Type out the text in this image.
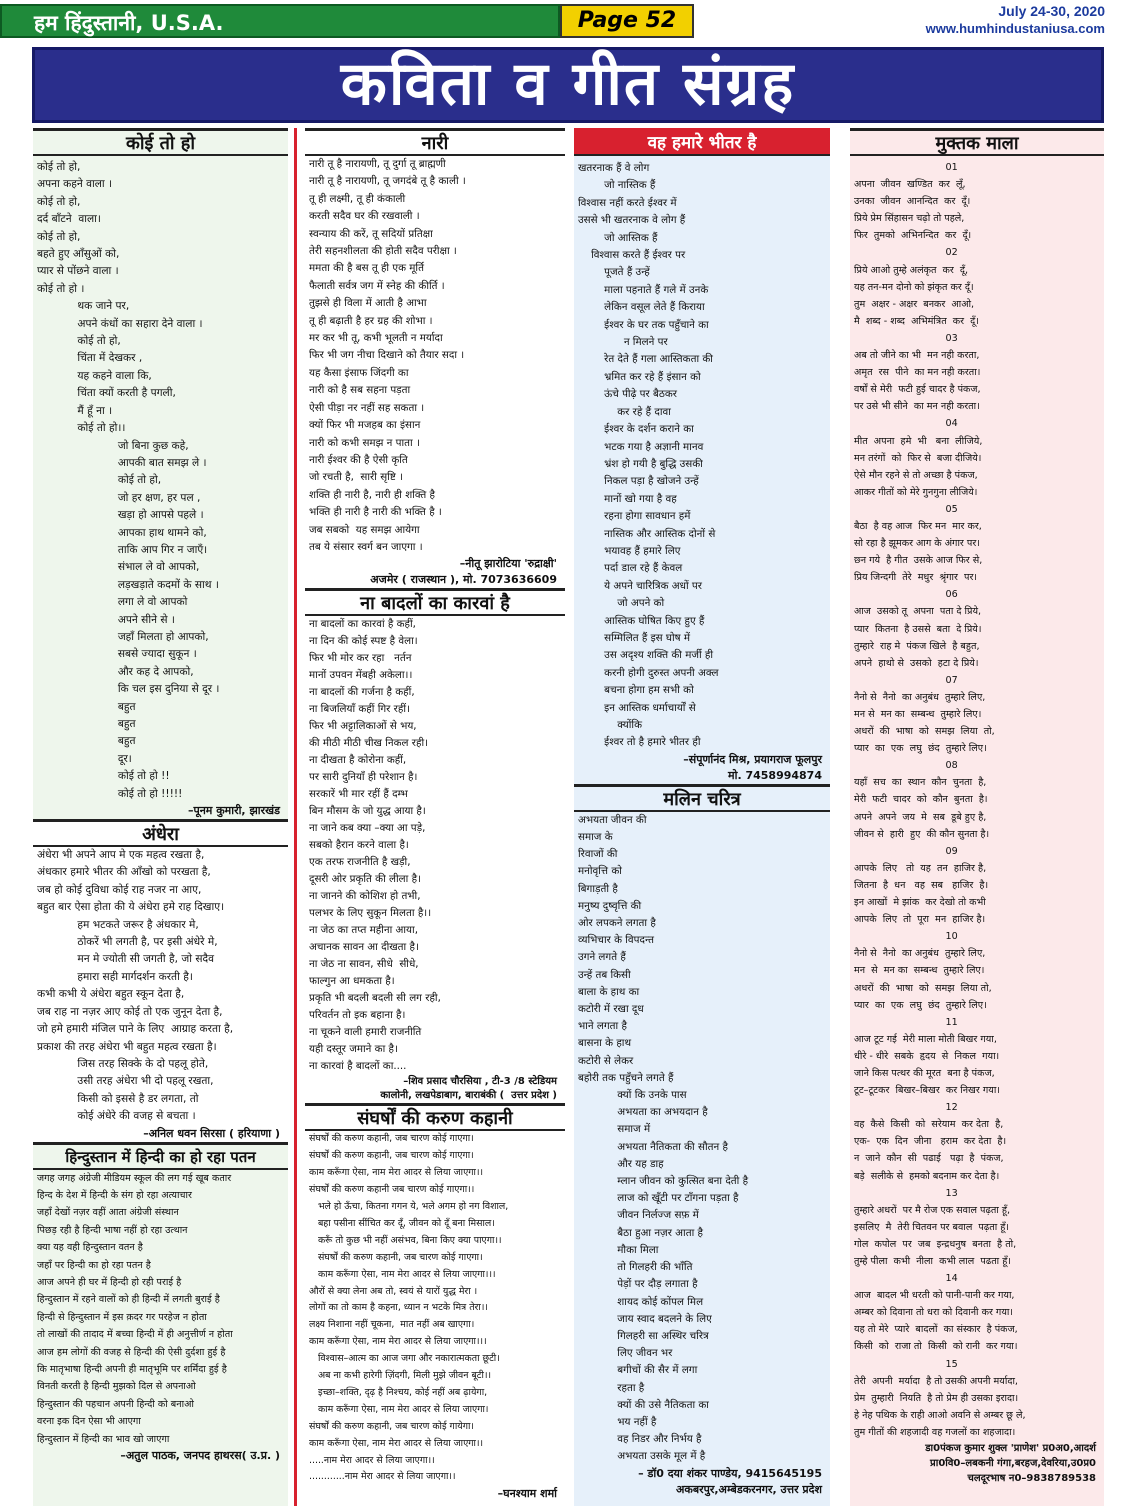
हम हिंदुस्तानी, U.S.A.	Page 52	July 24-30, 2020
www.humhindustaniusa.com
कविता व गीत संग्रह
कोई तो हो
कोई तो हो,
अपना कहने वाला ।
कोई तो हो,
दर्द बाँटने  वाला।
कोई तो हो,
बहते हुए आँसुओं को,
प्यार से पोंछने वाला ।
कोई तो हो ।
थक जाने पर,
अपने कंधों का सहारा देने वाला ।
कोई तो हो,
चिंता में देखकर ,
यह कहने वाला कि,
चिंता क्यों करती है पगली,
मैं हूँ ना ।
कोई तो हो।।
जो बिना कुछ कहे,
आपकी बात समझ ले ।
कोई तो हो,
जो हर क्षण, हर पल ,
खड़ा हो आपसे पहले ।
आपका हाथ थामने को,
ताकि आप गिर न जाएँ।
संभाल ले वो आपको,
लड़खड़ाते कदमों के साथ ।
लगा ले वो आपको
अपने सीने से ।
जहाँ मिलता हो आपको,
सबसे ज्यादा सुकून ।
और कह दे आपको,
कि चल इस दुनिया से दूर ।
बहुत
बहुत
बहुत
दूर।
कोई तो हो !!
कोई तो हो !!!!!
–पूनम कुमारी, झारखंड
अंधेरा
अंधेरा भी अपने आप मे एक महत्व रखता है,
अंधकार हमारे भीतर की आँखो को परखता है,
जब हो कोई दुविधा कोई राह नजर ना आए,
बहुत बार ऐसा होता की ये अंधेरा हमे राह दिखाए।
हम भटकते जरूर है अंधकार मे,
ठोकरें भी लगती है, पर इसी अंधेरे मे,
मन मे ज्योती सी जगती है, जो सदैव
हमारा सही मार्गदर्शन करती है।
कभी कभी ये अंधेरा बहुत स्कून देता है,
जब राह ना नज़र आए कोई तो एक जुनून देता है,
जो हमे हमारी मंजिल पाने के लिए  आग्राह करता है,
प्रकाश की तरह अंधेरा भी बहुत महत्व रखता है।
जिस तरह सिक्के के दो पहलू होते,
उसी तरह अंधेरा भी दो पहलू रखता,
किसी को इससे है डर लगता, तो
कोई अंधेरे की वजह से बचता ।
–अनिल धवन सिरसा ( हरियाणा )
हिन्दुस्तान में हिन्दी का हो रहा पतन
जगह जगह अंग्रेजी मीडियम स्कूल की लग गई खूब कतार
हिन्द के देश में हिन्दी के संग हो रहा अत्याचार
जहाँ देखों नज़र वहीं आता अंग्रेजी संस्थान
पिछड़ रही है हिन्दी भाषा नहीं हो रहा उत्थान
क्या यह वही हिन्दुस्तान वतन है
जहाँ पर हिन्दी का हो रहा पतन है
आज अपने ही घर में हिन्दी हो रही पराई है
हिन्दुस्तान में रहने वालों को ही हिन्दी में लगती बुराई है
हिन्दी से हिन्दुस्तान में इस क़दर गर परहेज न होता
तो लाखों की तादाद में बच्चा हिन्दी में ही अनुत्तीर्ण न होता
आज हम लोगों की वजह से हिन्दी की ऐसी दुर्दशा हुई है
कि मातृभाषा हिन्दी अपनी ही मातृभूमि पर शर्मिंदा हुई है
विनती करती है हिन्दी मुझको दिल से अपनाओ
हिन्दुस्तान की पहचान अपनी हिन्दी को बनाओ
वरना इक दिन ऐसा भी आएगा
हिन्दुस्तान में हिन्दी का भाव खो जाएगा
–अतुल पाठक, जनपद हाथरस( उ.प्र. )
नारी
नारी तू है नारायणी, तू दुर्गा तू ब्राह्मणी
नारी तू है नारायणी, तू जगदंबे तू है काली ।
तू ही लक्ष्मी, तू ही कंकाली
करती सदैव घर की रखवाली ।
स्वन्याय की करें, तू सदियों प्रतिक्षा
तेरी सहनशीलता की होती सदैव परीक्षा ।
ममता की है बस तू ही एक मूर्ति
फैलाती सर्वत्र जग में स्नेह की कीर्ति ।
तुझसे ही विला में आती है आभा
तू ही बढ़ाती है हर ग्रह की शोभा ।
मर कर भी तू, कभी भूलती न मर्यादा
फिर भी जग नीचा दिखाने को तैयार सदा ।
यह कैसा इंसाफ जिंदगी का
नारी को है सब सहना पड़ता
ऐसी पीड़ा नर नहीं सह सकता ।
क्यों फिर भी मजहब का इंसान
नारी को कभी समझ न पाता ।
नारी ईश्वर की है ऐसी कृति
जो रचती है,  सारी सृष्टि ।
शक्ति ही नारी है, नारी ही शक्ति है
भक्ति ही नारी है नारी की भक्ति है ।
जब सबको  यह समझ आयेगा
तब ये संसार स्वर्ग बन जाएगा ।
–नीतू झारोटिया 'रुद्राक्षी'
अजमेर ( राजस्थान ), मो. 7073636609
ना बादलों का कारवां है
ना बादलों का कारवां है कहीं,
ना दिन की कोई स्पष्ट है वेला।
फिर भी मोर कर रहा   नर्तन
मानों उपवन मेंबही अकेला।।
ना बादलों की गर्जना है कहीं,
ना बिजलियाँ कहीं गिर रहीं।
फिर भी अट्टालिकाओं से भय,
की मीठी मीठी चीख निकल रही।
ना दीखता है कोरोना कहीं,
पर सारी दुनियाँ ही परेशान है।
सरकारें भी मार रहीं हैं दम्भ
बिन मौसम के जो युद्ध आया है।
ना जाने कब क्या –क्या आ पड़े,
सबको हैरान करने वाला है।
एक तरफ राजनीति है खड़ी,
दूसरी ओर प्रकृति की लीला है।
ना जानने की कोशिश हो तभी,
पलभर के लिए सुकून मिलता है।।
ना जेठ का तप्त महीना आया,
अचानक सावन आ दीखता है।
ना जेठ ना सावन, सीधे  सीधे,
फाल्गुन आ धमकता है।
प्रकृति भी बदली बदली सी लग रही,
परिवर्तन तो इक बहाना है।
ना चूकने वाली हमारी राजनीति
यही दस्तूर जमाने का है।
ना कारवां है बादलों का....
–शिव प्रसाद चौरसिया , टी-3 /8 स्टेडियम
कालोनी, लखपेडाबाग, बाराबंकी (  उत्तर प्रदेश )
संघर्षों की करुण कहानी
संघर्षों की करुण कहानी, जब चारण कोई गाएगा।
संघर्षों की करुण कहानी, जब चारण कोई गाएगा।
काम करूँगा ऐसा, नाम मेरा आदर से लिया जाएगा।।
संघर्षों की करुण कहानी जब चारण कोई गाएगा।।
भले हो ऊँचा, कितना गगन ये, भले अगम हो नग विशाल,
बहा पसीना सींचित कर दूँ, जीवन को दूँ बना मिसाल।
करूँ तो कुछ भी नहीं असंभव, बिना किए क्या पाएगा।।
संघर्षों की करुण कहानी, जब चारण कोई गाएगा।
काम करूँगा ऐसा, नाम मेरा आदर से लिया जाएगा।।।
औरों से क्या लेना अब तो, स्वयं से यारों युद्ध मेरा ।
लोगों का तो काम है कहना, ध्यान न भटके मित्र तेरा।।
लक्ष्य निशाना नहीं चूकना,  मात नहीं अब खाएगा।
काम करूँगा ऐसा, नाम मेरा आदर से लिया जाएगा।।।
विश्वास–आत्म का आज जगा और नकारात्मकता छूटी।
अब ना कभी हारेगी ज़िंदगी, मिली मुझे जीवन बूटी।।
इच्छा–शक्ति, दृढ़ है निश्चय, कोई नहीं अब ढ़ायेगा,
काम करूँगा ऐसा, नाम मेरा आदर से लिया जाएगा।
संघर्षों की करुण कहानी, जब चारण कोई गायेगा।
काम करूँगा ऐसा, नाम मेरा आदर से लिया जाएगा।।
.....नाम मेरा आदर से लिया जाएगा।।
............नाम मेरा आदर से लिया जाएगा।।
–घनश्याम शर्मा
वह हमारे भीतर है
खतरनाक हैं वे लोग
जो नास्तिक हैं
विश्वास नहीं करते ईश्वर में
उससे भी खतरनाक वे लोग हैं
जो आस्तिक हैं
विश्वास करते हैं ईश्वर पर
पूजते हैं उन्हें
माला पहनाते हैं गले में उनके
लेकिन वसूल लेते हैं किराया
ईश्वर के घर तक पहुँचाने का
न मिलने पर
रेत देते हैं गला आस्तिकता की
भ्रमित कर रहे हैं इंसान को
ऊंचे पीढ़े पर बैठकर
कर रहे हैं दावा
ईश्वर के दर्शन कराने का
भटक गया है अज्ञानी मानव
भ्रंश हो गयी है बुद्धि उसकी
निकल पड़ा है खोजने उन्हें
मानों खो गया है वह
रहना होगा सावधान हमें
नास्तिक और आस्तिक दोनों से
भयावह हैं हमारे लिए
पर्दा डाल रहे हैं केवल
ये अपने चारित्रिक अधों पर
जो अपने को
आस्तिक घोषित किए हुए हैं
सम्मिलित हैं इस घोष में
उस अदृश्य शक्ति की मर्जी ही
करनी होगी दुरुस्त अपनी अक्ल
बचना होगा हम सभी को
इन आस्तिक धर्माचार्यों से
क्योंकि
ईश्वर तो है हमारे भीतर ही
–संपूर्णानंद मिश्र, प्रयागराज फूलपुर
मो. 7458994874
मलिन चरित्र
अभयता जीवन की
समाज के
रिवाजों की
मनोवृत्ति को
बिगाड़ती है
मनुष्य दुष्वृत्ति की
ओर लपकने लगता है
व्यभिचार के विपदन्त
उगने लगते हैं
उन्हें तब किसी
बाला के हाथ का
कटोरी में रखा दूध
भाने लगता है
बासना के हाथ
कटोरी से लेकर
बहोरी तक पहुँचने लगते हैं
क्यों कि उनके पास
अभयता का अभयदान है
समाज में
अभयता नैतिकता की सौतन है
और यह डाह
म्लान जीवन को कुत्सित बना देती है
लाज को खूँटी पर टाँगना पड़ता है
जीवन निर्लज्ज सफ़ में
बैठा हुआ नज़र आता है
मौका मिला
तो गिलहरी की भाँति
पेड़ों पर दौड़ लगाता है
शायद कोई कोंपल मिल
जाय स्वाद बदलने के लिए
गिलहरी सा अस्थिर चरित्र
लिए जीवन भर
बगीचों की सैर में लगा
रहता है
क्यों की उसे नैतिकता का
भय नहीं है
वह निडर और निर्भय है
अभयता उसके मूल में है
– डॉ0 दया शंकर पाण्डेय, 9415645195
अकबरपुर,अम्बेडकरनगर, उत्तर प्रदेश
मुक्तक माला
01
अपना  जीवन  खण्डित  कर  लूँ,
उनका  जीवन  आनन्दित  कर  दूँ।
प्रिये प्रेम सिंहासन चढ़ो तो पहले,
फिर  तुमको  अभिनन्दित  कर  दूँ।
02
प्रिये आओ तुम्हे अलंकृत  कर  दूँ,
यह तन-मन दोनो को झंकृत कर दूँ।
तुम  अक्षर - अक्षर  बनकर  आओ,
मै  शब्द - शब्द  अभिमंत्रित  कर  दूँ।
03
अब तो जीने का भी  मन नही करता,
अमृत  रस  पीने  का मन नही करता।
वर्षों से मेरी  फटी हुई चादर है पंकज,
पर उसे भी सीने  का मन नही करता।
04
मीत  अपना  हमे  भी   बना  लीजिये,
मन तरंगों  को  फिर से  बजा दीजिये।
ऐसे मौन रहने से तो अच्छा है पंकज,
आकर गीतों को मेरे गुनगुना लीजिये।
05
बैठा  है वह आज  फिर मन  मार कर,
सो रहा है झूमकर आग के अंगार पर।
छ्न गये  है गीत  उसके आज फिर से,
प्रिय जिन्दगी  तेरे  मधुर  श्रृंगार  पर।
06
आज  उसको तू  अपना  पता दे प्रिये,
प्यार  कितना  है उससे  बता  दे प्रिये।
तुम्हारे  राह मे  पंकज खिले  है बहुत,
अपने  हाथो से  उसको  हटा दे प्रिये।
07
नैनो से  नैनो  का अनुबंध  तुम्हारे लिए,
मन से  मन का  सम्बन्ध  तुम्हारे लिए।
अधरों  की  भाषा  को  समझ  लिया  तो,
प्यार  का  एक  लघु  छंद  तुम्हारे लिए।
08
यहाँ  सच  का  स्थान  कौन  चुनता  है,
मेरी  फटी  चादर  को  कौन  बुनता  है।
अपने  अपने  जय  मे  सब  डूबे हुए है,
जीवन से  हारी  हुए  की कौन सुनता है।
09
आपके  लिए   तो  यह  तन  हाजिर है,
जितना  है  धन   वह  सब   हाजिर  है।
इन आखों  मे झांक  कर देखो तो कभी
आपके  लिए  तो  पूरा  मन  हाजिर है।
10
नैनो से  नैनो  का अनुबंध  तुम्हारे लिए,
मन  से  मन का  सम्बन्ध  तुम्हारे लिए।
अधरों  की  भाषा  को  समझ  लिया तो,
प्यार  का  एक  लघु  छंद  तुम्हारे लिए।
11
आज टूट गई  मेरी माला मोती बिखर गया,
धीरे - धीरे  सबके  हृदय  से  निकल  गया।
जाने किस पत्थर की मूरत  बना है पंकज,
टूट–टूटकर  बिखर–बिखर  कर निखर गया।
12
वह  कैसे  किसी  को  सरेयाम  कर देता  है,
एक-  एक  दिन  जीना   हराम  कर देता  है।
न  जाने  कौन  सी  पढाई   पढ़ा  है  पंकज,
बड़े  सलीके से  हमको बदनाम कर देता है।
13
तुम्हारे अधरों  पर मै रोज एक सवाल पढ़ता हूँ,
इसलिए  मै  तेरी चितवन पर बवाल  पढ़ता हूँ।
गोल  कपोल  पर  जब  इन्द्रधनुष  बनता  है तो,
तुम्हे पीला  कभी  नीला  कभी लाल  पढता हूँ।
14
आज  बादल भी धरती को पानी-पानी कर गया,
अम्बर को दिवाना तो धरा को दिवानी कर गया।
यह तो मेरे  प्यारे  बादलों  का संस्कार  है पंकज,
किसी  को  राजा तो  किसी  को रानी  कर गया।
15
तेरी  अपनी  मर्यादा  है तो उसकी अपनी मर्यादा,
प्रेम  तुम्हारी  नियति  है तो प्रेम ही उसका इरादा।
हे नेह पथिक के राही आओ अवनि से अम्बर छू ले,
तुम गीतों की शहजादी वह गजलों का शहजादा।
डा0पंकज कुमार शुक्ल 'प्राणेश' प्र0अ0,आदर्श
प्रा0वि0–लबकनी गंगा,बरहज,देवरिया,उ0प्र0
चलदूरभाष न0–9838789538
